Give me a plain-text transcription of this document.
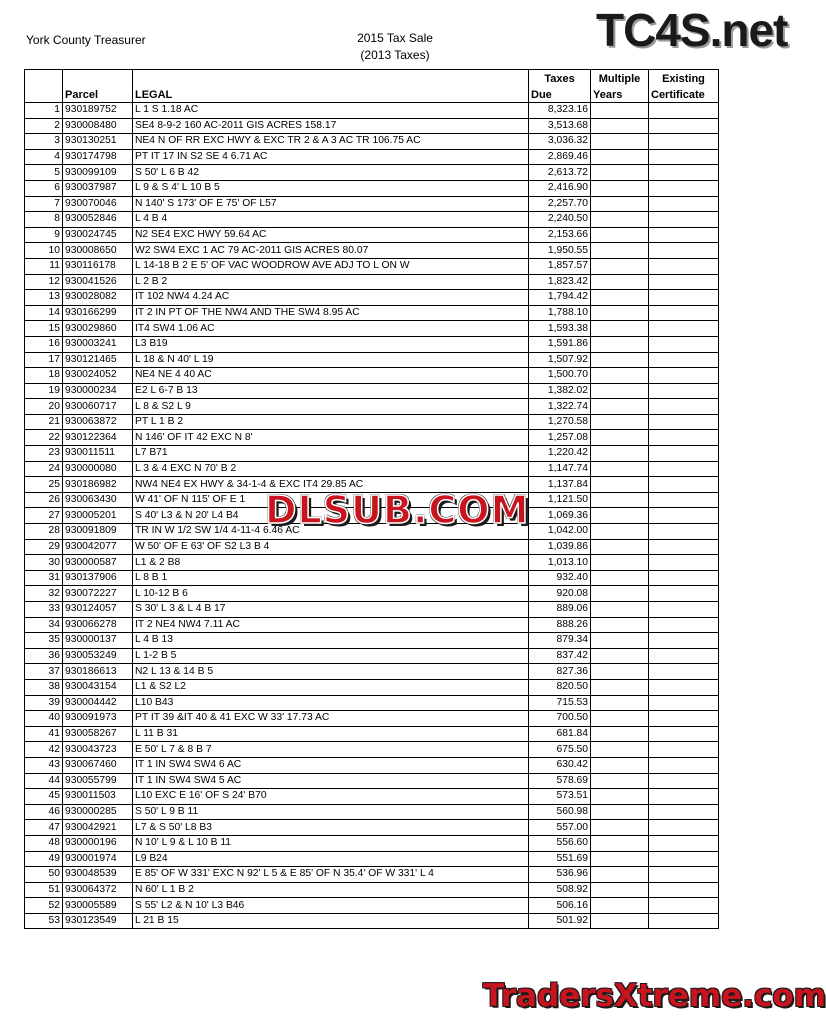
York County Treasurer	2015 Tax Sale
(2013 Taxes)	TC4S.net
			Taxes	Multiple	Existing
	Parcel	LEGAL	Due	Years	Certificate
1	930189752	L 1 S 1.18 AC	8,323.16		
2	930008480	SE4 8-9-2 160 AC-2011 GIS ACRES 158.17	3,513.68		
3	930130251	NE4 N OF RR EXC HWY & EXC TR 2 & A 3 AC TR 106.75 AC	3,036.32		
4	930174798	PT IT 17 IN S2 SE 4 6.71 AC	2,869.46		
5	930099109	S 50' L 6 B 42	2,613.72		
6	930037987	L 9 & S 4' L 10 B 5	2,416.90		
7	930070046	N 140' S 173' OF E 75' OF L57	2,257.70		
8	930052846	L 4 B 4	2,240.50		
9	930024745	N2 SE4 EXC HWY 59.64 AC	2,153.66		
10	930008650	W2 SW4 EXC 1 AC 79 AC-2011 GIS ACRES 80.07	1,950.55		
11	930116178	L 14-18 B 2 E 5' OF VAC WOODROW AVE ADJ TO L ON W	1,857.57		
12	930041526	L 2 B 2	1,823.42		
13	930028082	IT 102 NW4 4.24 AC	1,794.42		
14	930166299	IT 2 IN PT OF THE NW4 AND THE SW4 8.95 AC	1,788.10		
15	930029860	IT4 SW4 1.06 AC	1,593.38		
16	930003241	L3 B19	1,591.86		
17	930121465	L 18 & N 40' L 19	1,507.92		
18	930024052	NE4 NE 4 40 AC	1,500.70		
19	930000234	E2 L 6-7 B 13	1,382.02		
20	930060717	L 8 & S2 L 9	1,322.74		
21	930063872	PT L 1 B 2	1,270.58		
22	930122364	N 146' OF IT 42 EXC N 8'	1,257.08		
23	930011511	L7 B71	1,220.42		
24	930000080	L 3 & 4 EXC N 70' B 2	1,147.74		
25	930186982	NW4 NE4 EX HWY & 34-1-4 & EXC IT4 29.85 AC	1,137.84		
26	930063430	W 41' OF N 115' OF E 1	1,121.50		
27	930005201	S 40' L3 & N 20' L4 B4	1,069.36		
28	930091809	TR IN W 1/2 SW 1/4 4-11-4 6.46 AC	1,042.00		
29	930042077	W 50' OF E 63' OF S2 L3 B 4	1,039.86		
30	930000587	L1 & 2 B8	1,013.10		
31	930137906	L 8 B 1	932.40		
32	930072227	L 10-12 B 6	920.08		
33	930124057	S 30' L 3 & L 4 B 17	889.06		
34	930066278	IT 2 NE4 NW4 7.11 AC	888.26		
35	930000137	L 4 B 13	879.34		
36	930053249	L 1-2 B 5	837.42		
37	930186613	N2 L 13 & 14 B 5	827.36		
38	930043154	L1 & S2 L2	820.50		
39	930004442	L10 B43	715.53		
40	930091973	PT IT 39 &IT 40 & 41 EXC W 33' 17.73 AC	700.50		
41	930058267	L 11 B 31	681.84		
42	930043723	E 50' L 7 & 8 B 7	675.50		
43	930067460	IT 1 IN SW4 SW4 6 AC	630.42		
44	930055799	IT 1 IN SW4 SW4 5 AC	578.69		
45	930011503	L10 EXC E 16' OF S 24' B70	573.51		
46	930000285	S 50' L 9 B 11	560.98		
47	930042921	L7 & S 50' L8 B3	557.00		
48	930000196	N 10' L 9 & L 10 B 11	556.60		
49	930001974	L9 B24	551.69		
50	930048539	E 85' OF W 331' EXC N 92' L 5 & E 85' OF N 35.4' OF W 331' L 4	536.96		
51	930064372	N 60' L 1 B 2	508.92		
52	930005589	S 55' L2 & N 10' L3 B46	506.16		
53	930123549	L 21 B 15	501.92		
DLSUB.COM
TradersXtreme.com
